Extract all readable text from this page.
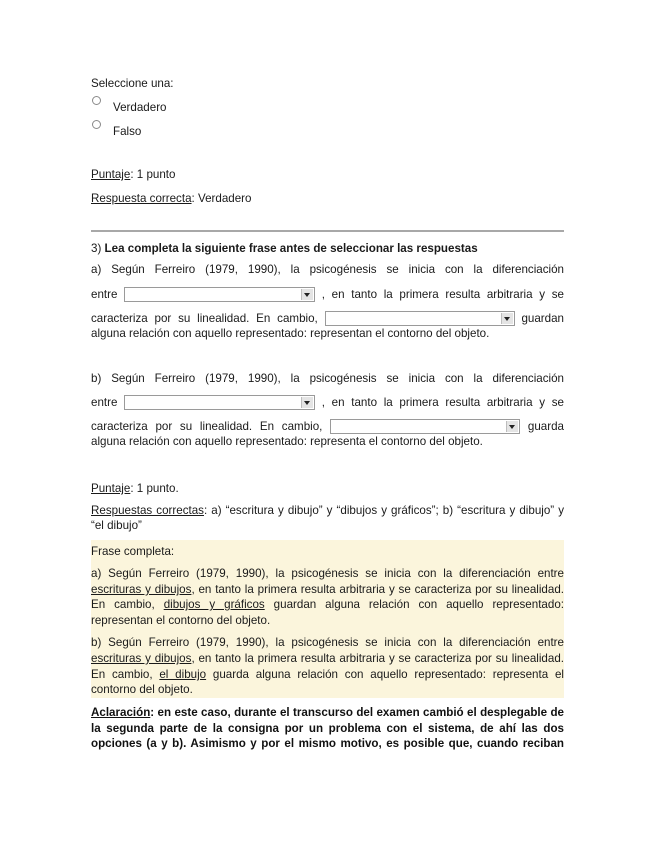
Seleccione una:
Verdadero
Falso
Puntaje: 1 punto
Respuesta correcta: Verdadero
3) Lea completa la siguiente frase antes de seleccionar las respuestas
a) Según Ferreiro (1979, 1990), la psicogénesis se inicia con la diferenciación
entre	, en tanto la primera resulta arbitraria y se
caracteriza por su linealidad. En cambio,	guardan
alguna relación con aquello representado: representan el contorno del objeto.
b) Según Ferreiro (1979, 1990), la psicogénesis se inicia con la diferenciación
entre	, en tanto la primera resulta arbitraria y se
caracteriza por su linealidad. En cambio,	guarda
alguna relación con aquello representado: representa el contorno del objeto.
Puntaje: 1 punto.
Respuestas correctas: a) “escritura y dibujo” y “dibujos y gráficos”; b) “escritura y dibujo” y
“el dibujo”
Frase completa:
a) Según Ferreiro (1979, 1990), la psicogénesis se inicia con la diferenciación entre
escrituras y dibujos, en tanto la primera resulta arbitraria y se caracteriza por su linealidad.
En cambio, dibujos y gráficos guardan alguna relación con aquello representado:
representan el contorno del objeto.
b) Según Ferreiro (1979, 1990), la psicogénesis se inicia con la diferenciación entre
escrituras y dibujos, en tanto la primera resulta arbitraria y se caracteriza por su linealidad.
En cambio, el dibujo guarda alguna relación con aquello representado: representa el
contorno del objeto.
Aclaración: en este caso, durante el transcurso del examen cambió el desplegable de
la segunda parte de la consigna por un problema con el sistema, de ahí las dos
opciones (a y b). Asimismo y por el mismo motivo, es posible que, cuando reciban
